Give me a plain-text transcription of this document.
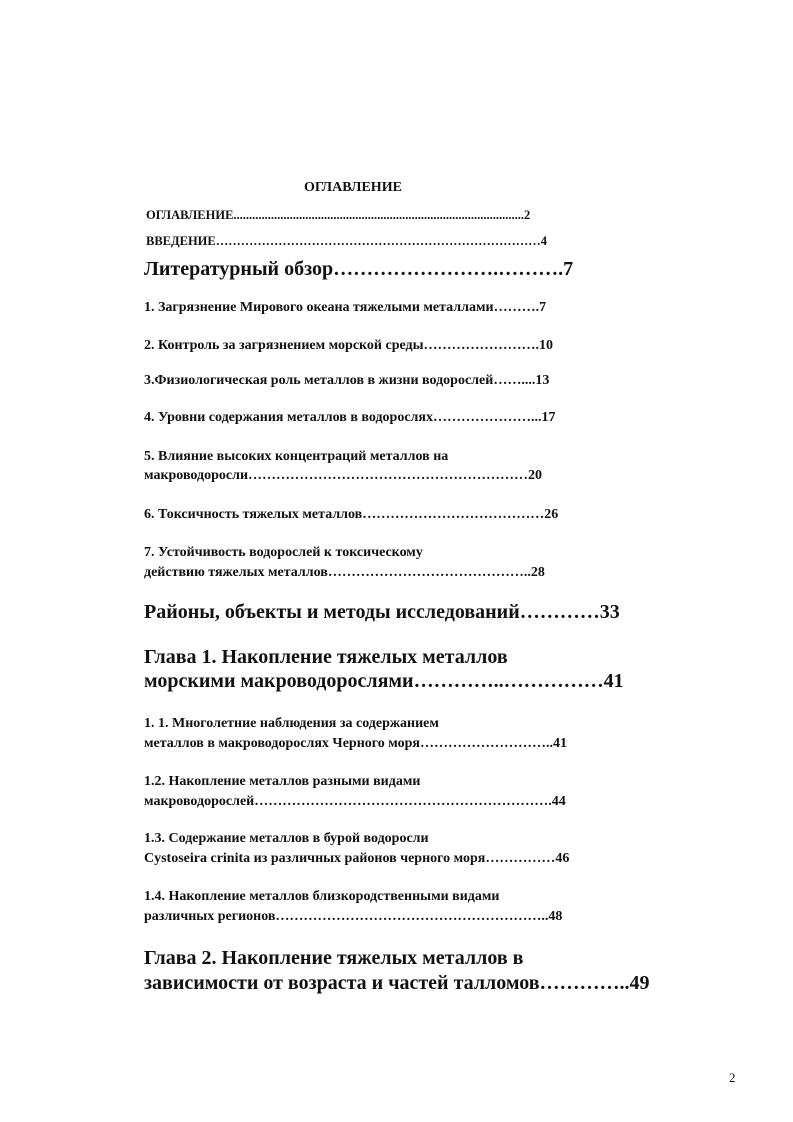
ОГЛАВЛЕНИЕ
ОГЛАВЛЕНИЕ.............................................................................................2
ВВЕДЕНИЕ……………………………………………………………………4
Литературный обзор…………………….……….7
1. Загрязнение Мирового океана тяжелыми металлами……….7
2. Контроль за загрязнением морской среды…………………….10
3.Физиологическая роль металлов в жизни водорослей……....13
4. Уровни содержания металлов в водорослях…………………...17
5. Влияние высоких концентраций металлов на
макроводоросли……………………………………………………20
6. Токсичность тяжелых металлов…………………………………26
7. Устойчивость водорослей к токсическому
действию тяжелых металлов……………………………………..28
Районы, объекты и методы исследований…………33
Глава 1. Накопление тяжелых металлов
морскими макроводорослями…………..……………41
1. 1. Многолетние наблюдения за содержанием
металлов в макроводорослях Черного моря………………………..41
1.2. Накопление металлов разными видами
макроводорослей……………………………………………………….44
1.3. Содержание металлов в бурой водоросли
Cystoseira crinita из различных районов черного моря……………46
1.4. Накопление металлов близкородственными видами
различных регионов…………………………………………………..48
Глава 2. Накопление тяжелых металлов в
зависимости от возраста и частей талломов…………..49
2
